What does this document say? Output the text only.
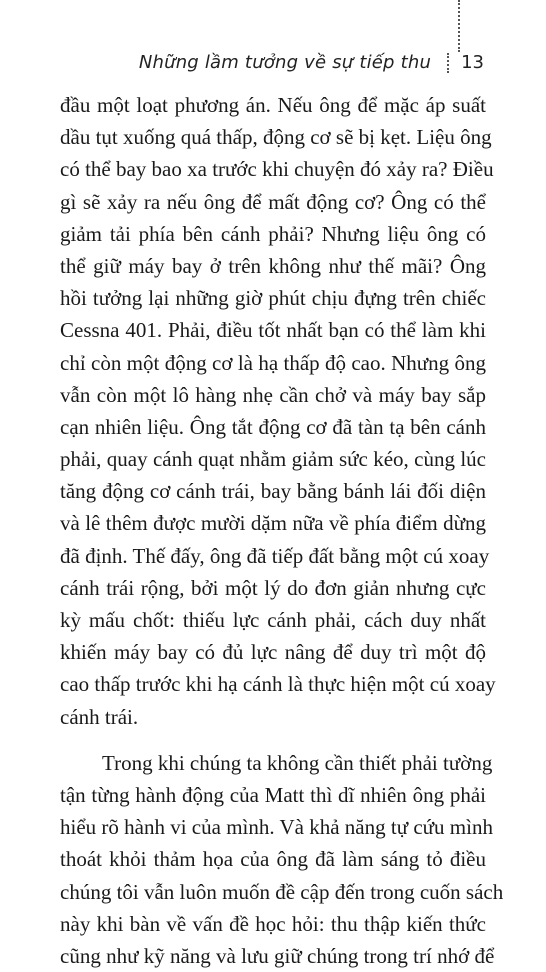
Những lầm tưởng về sự tiếp thu 13
đầu một loạt phương án. Nếu ông để mặc áp suất
dầu tụt xuống quá thấp, động cơ sẽ bị kẹt. Liệu ông
có thể bay bao xa trước khi chuyện đó xảy ra? Điều
gì sẽ xảy ra nếu ông để mất động cơ? Ông có thể
giảm tải phía bên cánh phải? Nhưng liệu ông có
thể giữ máy bay ở trên không như thế mãi? Ông
hồi tưởng lại những giờ phút chịu đựng trên chiếc
Cessna 401. Phải, điều tốt nhất bạn có thể làm khi
chỉ còn một động cơ là hạ thấp độ cao. Nhưng ông
vẫn còn một lô hàng nhẹ cần chở và máy bay sắp
cạn nhiên liệu. Ông tắt động cơ đã tàn tạ bên cánh
phải, quay cánh quạt nhằm giảm sức kéo, cùng lúc
tăng động cơ cánh trái, bay bằng bánh lái đối diện
và lê thêm được mười dặm nữa về phía điểm dừng
đã định. Thế đấy, ông đã tiếp đất bằng một cú xoay
cánh trái rộng, bởi một lý do đơn giản nhưng cực
kỳ mấu chốt: thiếu lực cánh phải, cách duy nhất
khiến máy bay có đủ lực nâng để duy trì một độ
cao thấp trước khi hạ cánh là thực hiện một cú xoay
cánh trái.
Trong khi chúng ta không cần thiết phải tường
tận từng hành động của Matt thì dĩ nhiên ông phải
hiểu rõ hành vi của mình. Và khả năng tự cứu mình
thoát khỏi thảm họa của ông đã làm sáng tỏ điều
chúng tôi vẫn luôn muốn đề cập đến trong cuốn sách
này khi bàn về vấn đề học hỏi: thu thập kiến thức
cũng như kỹ năng và lưu giữ chúng trong trí nhớ để
